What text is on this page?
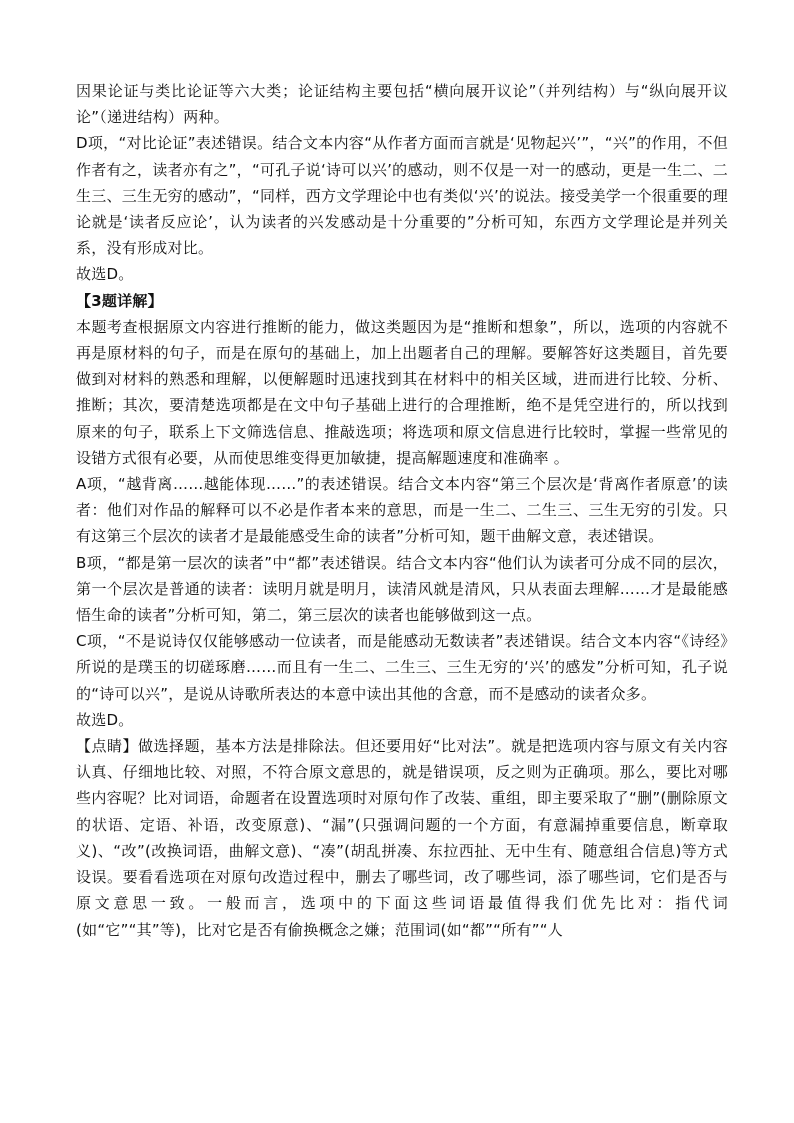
因果论证与类比论证等六大类；论证结构主要包括“横向展开议论”（并列结构）与“纵向展开议论”（递进结构）两种。

D项，“对比论证”表述错误。结合文本内容“从作者方面而言就是‘见物起兴’”，“兴”的作用，不但作者有之，读者亦有之”，“可孔子说‘诗可以兴’的感动，则不仅是一对一的感动，更是一生二、二生三、三生无穷的感动”，“同样，西方文学理论中也有类似‘兴’的说法。接受美学一个很重要的理论就是‘读者反应论’，认为读者的兴发感动是十分重要的”分析可知，东西方文学理论是并列关系，没有形成对比。

故选D。

【3题详解】

本题考查根据原文内容进行推断的能力，做这类题因为是“推断和想象”，所以，选项的内容就不再是原材料的句子，而是在原句的基础上，加上出题者自己的理解。要解答好这类题目，首先要做到对材料的熟悉和理解，以便解题时迅速找到其在材料中的相关区域，进而进行比较、分析、推断；其次，要清楚选项都是在文中句子基础上进行的合理推断，绝不是凭空进行的，所以找到原来的句子，联系上下文筛选信息、推敲选项；将选项和原文信息进行比较时，掌握一些常见的设错方式很有必要，从而使思维变得更加敏捷，提高解题速度和准确率 。

A项，“越背离……越能体现……”的表述错误。结合文本内容“第三个层次是‘背离作者原意’的读者：他们对作品的解释可以不必是作者本来的意思，而是一生二、二生三、三生无穷的引发。只有这第三个层次的读者才是最能感受生命的读者”分析可知，题干曲解文意，表述错误。

B项，“都是第一层次的读者”中“都”表述错误。结合文本内容“他们认为读者可分成不同的层次，第一个层次是普通的读者：读明月就是明月，读清风就是清风，只从表面去理解……才是最能感悟生命的读者”分析可知，第二，第三层次的读者也能够做到这一点。

C项，“不是说诗仅仅能够感动一位读者，而是能感动无数读者”表述错误。结合文本内容“《诗经》所说的是璞玉的切磋琢磨……而且有一生二、二生三、三生无穷的‘兴’的感发”分析可知，孔子说的“诗可以兴”，是说从诗歌所表达的本意中读出其他的含意，而不是感动的读者众多。

故选D。

【点睛】做选择题，基本方法是排除法。但还要用好“比对法”。就是把选项内容与原文有关内容认真、仔细地比较、对照，不符合原文意思的，就是错误项，反之则为正确项。那么，要比对哪些内容呢？比对词语，命题者在设置选项时对原句作了改装、重组，即主要采取了“删”(删除原文的状语、定语、补语，改变原意)、“漏”(只强调问题的一个方面，有意漏掉重要信息，断章取义)、“改”(改换词语，曲解文意)、“凑”(胡乱拼凑、东拉西扯、无中生有、随意组合信息)等方式设误。要看看选项在对原句改造过程中，删去了哪些词，改了哪些词，添了哪些词，它们是否与原文意思一致。一般而言，选项中的下面这些词语最值得我们优先比对：指代词(如“它”“其”等)，比对它是否有偷换概念之嫌；范围词(如“都”“所有”“人
